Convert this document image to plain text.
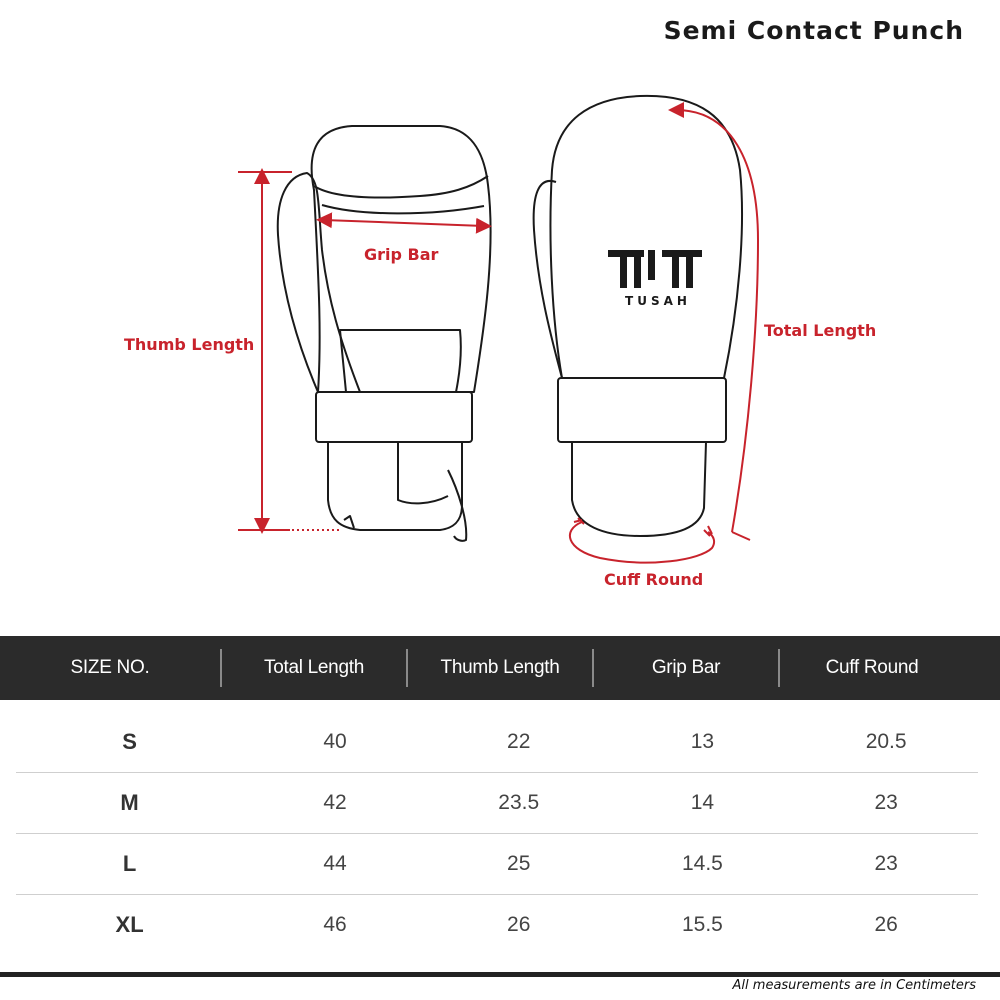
Semi Contact Punch
TUSAH
Grip Bar
Thumb Length
Total Length
Cuff Round
SIZE NO.	Total Length	Thumb Length	Grip Bar	Cuff Round
S	40	22	13	20.5
M	42	23.5	14	23
L	44	25	14.5	23
XL	46	26	15.5	26
All measurements are in Centimeters
